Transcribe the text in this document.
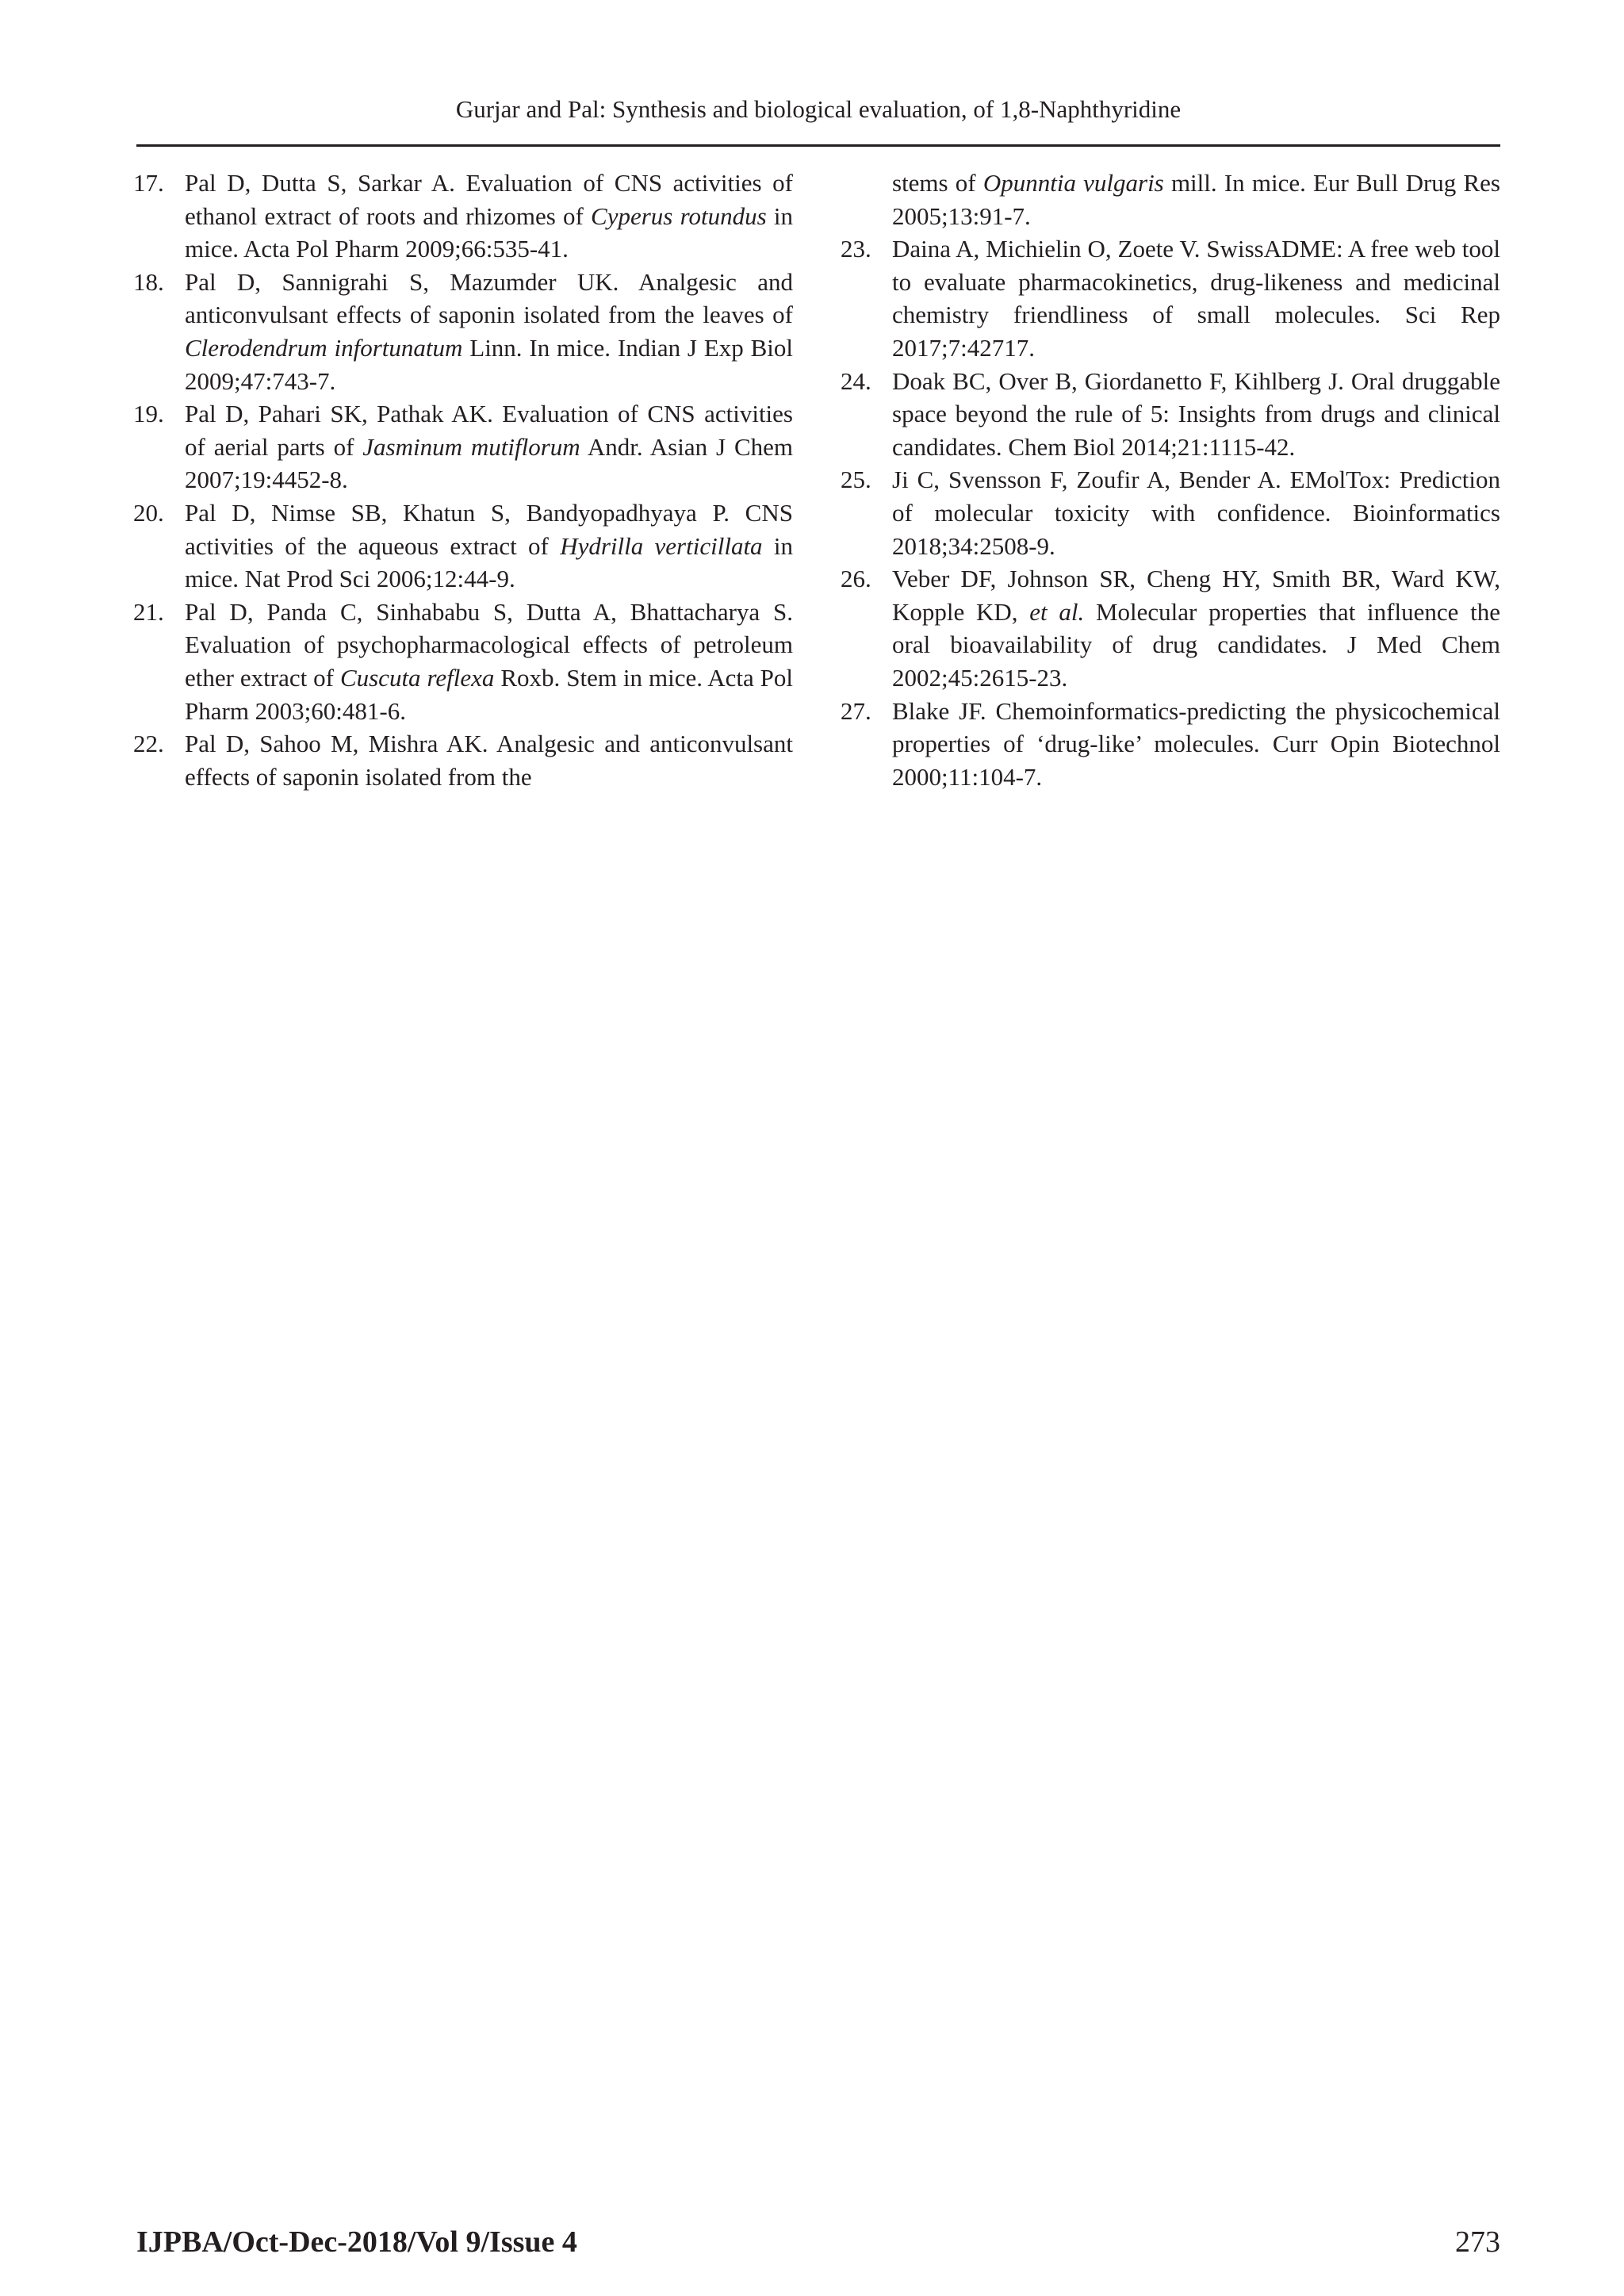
Gurjar and Pal: Synthesis and biological evaluation, of 1,8-Naphthyridine

17. Pal D, Dutta S, Sarkar A. Evaluation of CNS activities of ethanol extract of roots and rhizomes of Cyperus rotundus in mice. Acta Pol Pharm 2009;66:535-41.

18. Pal D, Sannigrahi S, Mazumder UK. Analgesic and anticonvulsant effects of saponin isolated from the leaves of Clerodendrum infortunatum Linn. In mice. Indian J Exp Biol 2009;47:743-7.

19. Pal D, Pahari SK, Pathak AK. Evaluation of CNS activities of aerial parts of Jasminum mutiflorum Andr. Asian J Chem 2007;19:4452-8.

20. Pal D, Nimse SB, Khatun S, Bandyopadhyaya P. CNS activities of the aqueous extract of Hydrilla verticillata in mice. Nat Prod Sci 2006;12:44-9.

21. Pal D, Panda C, Sinhababu S, Dutta A, Bhattacharya S. Evaluation of psychopharmacological effects of petroleum ether extract of Cuscuta reflexa Roxb. Stem in mice. Acta Pol Pharm 2003;60:481-6.

22. Pal D, Sahoo M, Mishra AK. Analgesic and anticonvulsant effects of saponin isolated from the

stems of Opunntia vulgaris mill. In mice. Eur Bull Drug Res 2005;13:91-7.

23. Daina A, Michielin O, Zoete V. SwissADME: A free web tool to evaluate pharmacokinetics, drug-likeness and medicinal chemistry friendliness of small molecules. Sci Rep 2017;7:42717.

24. Doak BC, Over B, Giordanetto F, Kihlberg J. Oral druggable space beyond the rule of 5: Insights from drugs and clinical candidates. Chem Biol 2014;21:1115-42.

25. Ji C, Svensson F, Zoufir A, Bender A. EMolTox: Prediction of molecular toxicity with confidence. Bioinformatics 2018;34:2508-9.

26. Veber DF, Johnson SR, Cheng HY, Smith BR, Ward KW, Kopple KD, et al. Molecular properties that influence the oral bioavailability of drug candidates. J Med Chem 2002;45:2615-23.

27. Blake JF. Chemoinformatics-predicting the physicochemical properties of ‘drug-like’ molecules. Curr Opin Biotechnol 2000;11:104-7.

IJPBA/Oct-Dec-2018/Vol 9/Issue 4	273
